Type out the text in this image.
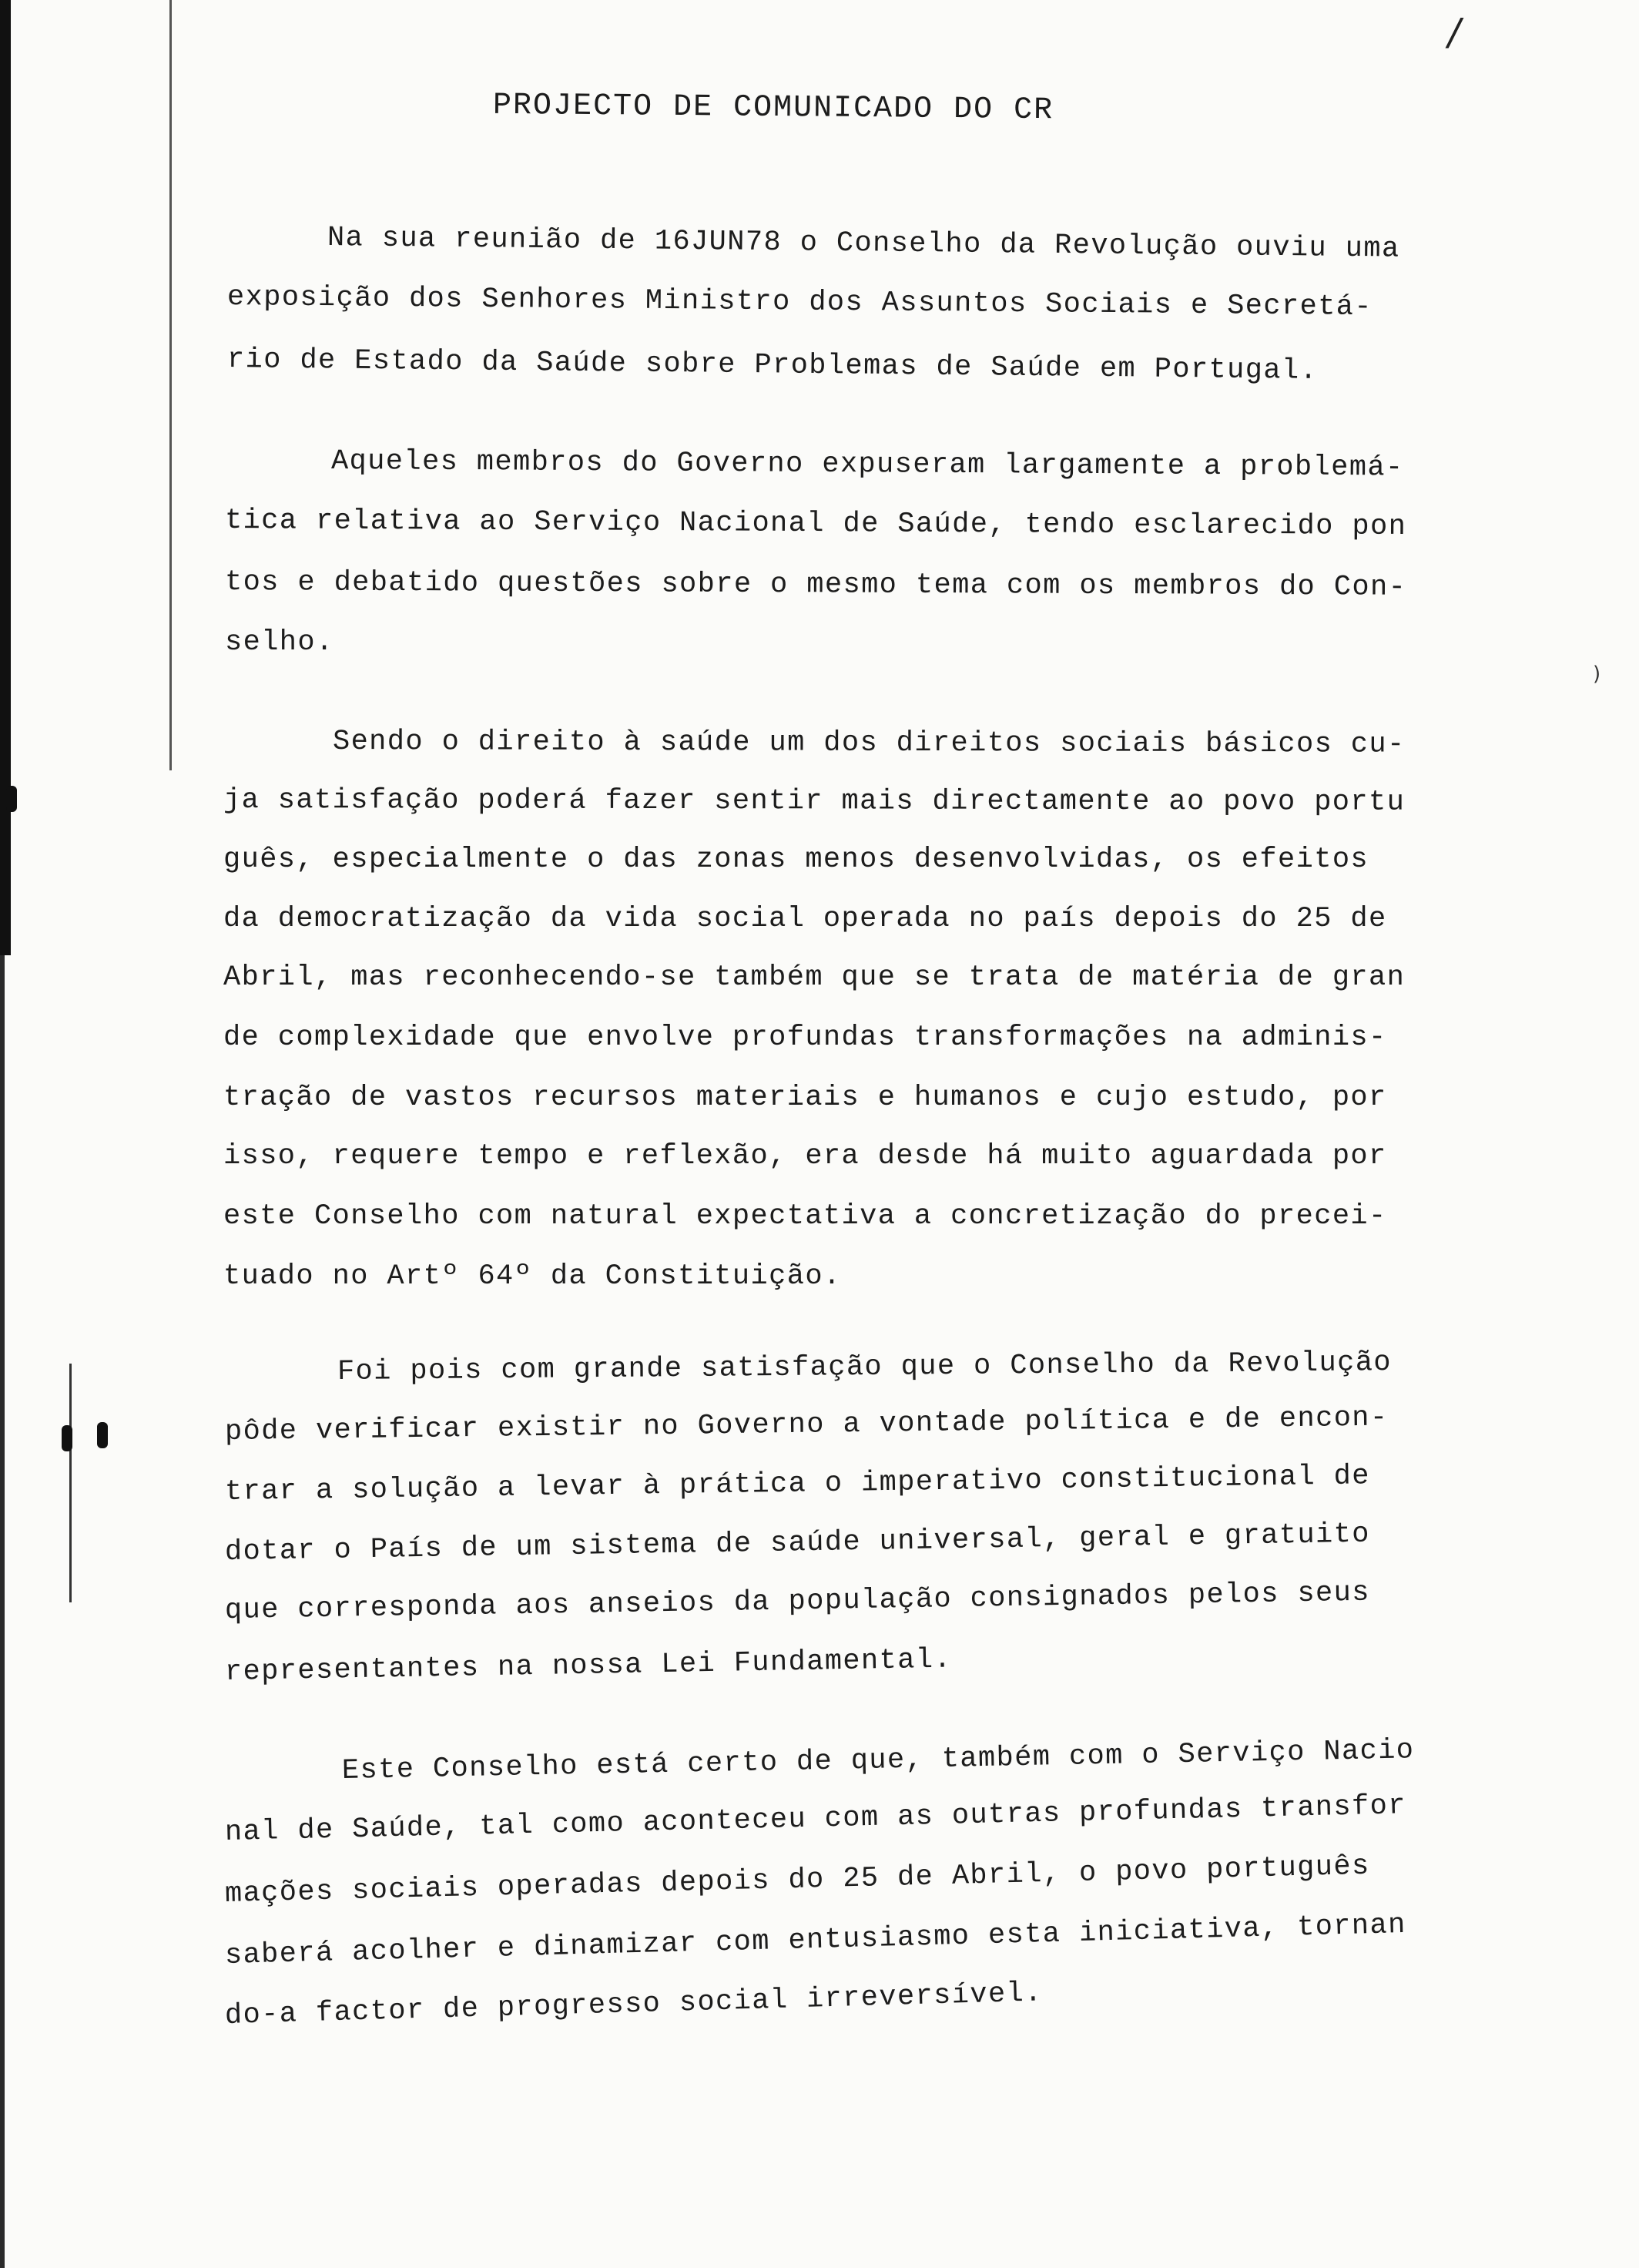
/
)
PROJECTO DE COMUNICADO DO CR
Na sua reunião de 16JUN78 o Conselho da Revolução ouviu uma
exposição dos Senhores Ministro dos Assuntos Sociais e Secretá-
rio de Estado da Saúde sobre Problemas de Saúde em Portugal.
Aqueles membros do Governo expuseram largamente a problemá-
tica relativa ao Serviço Nacional de Saúde, tendo esclarecido pon
tos e debatido questões sobre o mesmo tema com os membros do Con-
selho.
Sendo o direito à saúde um dos direitos sociais básicos cu-
ja satisfação poderá fazer sentir mais directamente ao povo portu
guês, especialmente o das zonas menos desenvolvidas, os efeitos
da democratização da vida social operada no país depois do 25 de
Abril, mas reconhecendo-se também que se trata de matéria de gran
de complexidade que envolve profundas transformações na adminis-
tração de vastos recursos materiais e humanos e cujo estudo, por
isso, requere tempo e reflexão, era desde há muito aguardada por
este Conselho com natural expectativa a concretização do precei-
tuado no Artº 64º da Constituição.
Foi pois com grande satisfação que o Conselho da Revolução
pôde verificar existir no Governo a vontade política e de encon-
trar a solução a levar à prática o imperativo constitucional de
dotar o País de um sistema de saúde universal, geral e gratuito
que corresponda aos anseios da população consignados pelos seus
representantes na nossa Lei Fundamental.
Este Conselho está certo de que, também com o Serviço Nacio
nal de Saúde, tal como aconteceu com as outras profundas transfor
mações sociais operadas depois do 25 de Abril, o povo português
saberá acolher e dinamizar com entusiasmo esta iniciativa, tornan
do-a factor de progresso social irreversível.
